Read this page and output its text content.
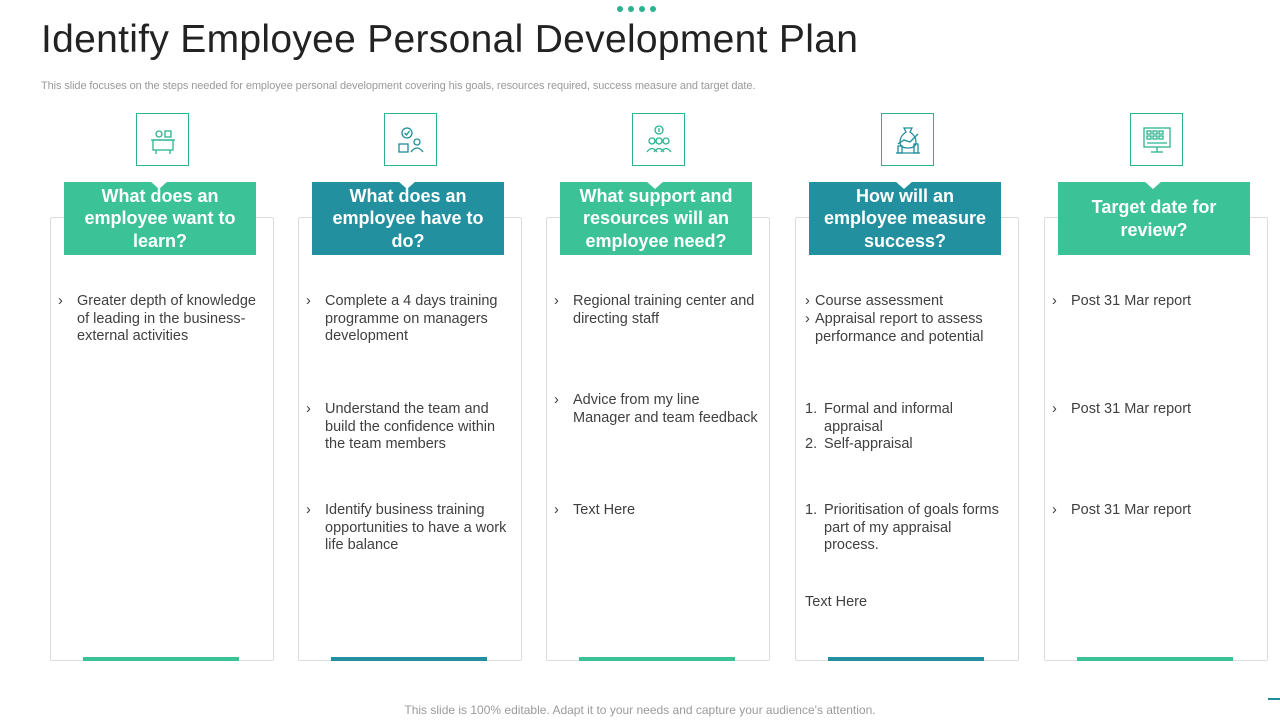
Identify Employee Personal Development Plan

This slide focuses on the steps needed for employee personal development covering his goals, resources required, success measure and target date.

What does an employee want to learn?
› Greater depth of knowledge of leading in the business-external activities
What does an employee have to do?
› Complete a 4 days training programme on managers development
› Understand the team and build the confidence within the team members
› Identify business training opportunities to have a work life balance
What support and resources will an employee need?
› Regional training center and directing staff
› Advice from my line Manager and team feedback
› Text Here
How will an employee measure success?
› Course assessment
› Appraisal report to assess performance and potential
1. Formal and informal appraisal
2. Self-appraisal
1. Prioritisation of goals forms part of my appraisal process.
Text Here
Target date for review?
› Post 31 Mar report
› Post 31 Mar report
› Post 31 Mar report

This slide is 100% editable. Adapt it to your needs and capture your audience's attention.
